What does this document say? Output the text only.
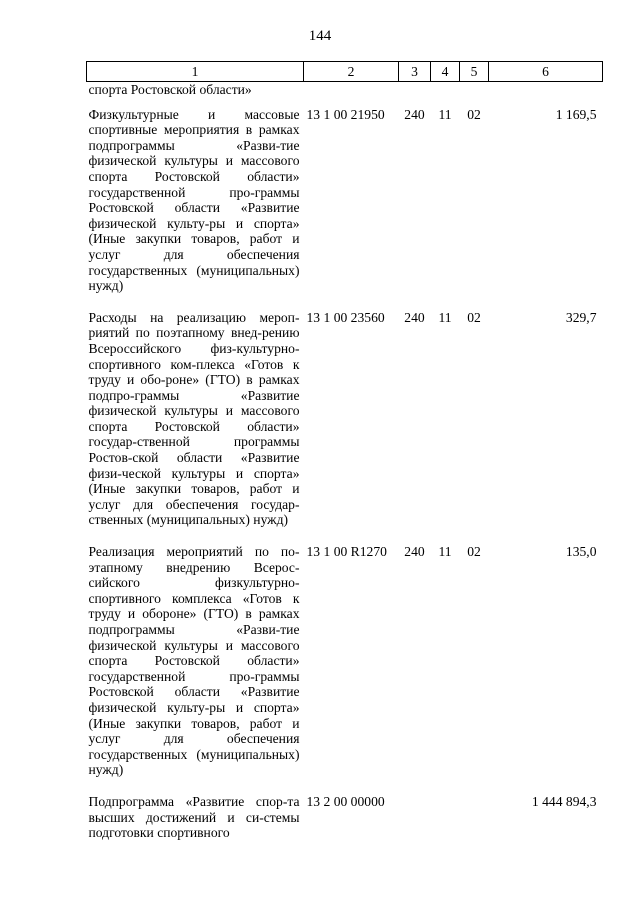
144
1	2	3	4	5	6
спорта Ростовской области»					

Физкультурные и массовые спортивные мероприятия в рамках подпрограммы «Разви-тие физической культуры и массового спорта Ростовской области» государственной про-граммы Ростовской области «Развитие физической культу-ры и спорта» (Иные закупки товаров, работ и услуг для обеспечения государственных (муниципальных) нужд)	13 1 00 21950	240	11	02	1 169,5
Расходы на реализацию мероп-риятий по поэтапному внед-рению Всероссийского физ-культурно-спортивного ком-плекса «Готов к труду и обо-роне» (ГТО) в рамках подпро-граммы «Развитие физической культуры и массового спорта Ростовской области» государ-ственной программы Ростов-ской области «Развитие физи-ческой культуры и спорта» (Иные закупки товаров, работ и услуг для обеспечения государ-ственных (муниципальных) нужд)	13 1 00 23560	240	11	02	329,7
Реализация мероприятий по по-этапному внедрению Всерос-сийского физкультурно-спортивного комплекса «Готов к труду и обороне» (ГТО) в рамках подпрограммы «Разви-тие физической культуры и массового спорта Ростовской области» государственной про-граммы Ростовской области «Развитие физической культу-ры и спорта» (Иные закупки товаров, работ и услуг для обеспечения государственных (муниципальных) нужд)	13 1 00 R1270	240	11	02	135,0
Подпрограмма «Развитие спор-та высших достижений и си-стемы подготовки спортивного	13 2 00 00000				1 444 894,3
